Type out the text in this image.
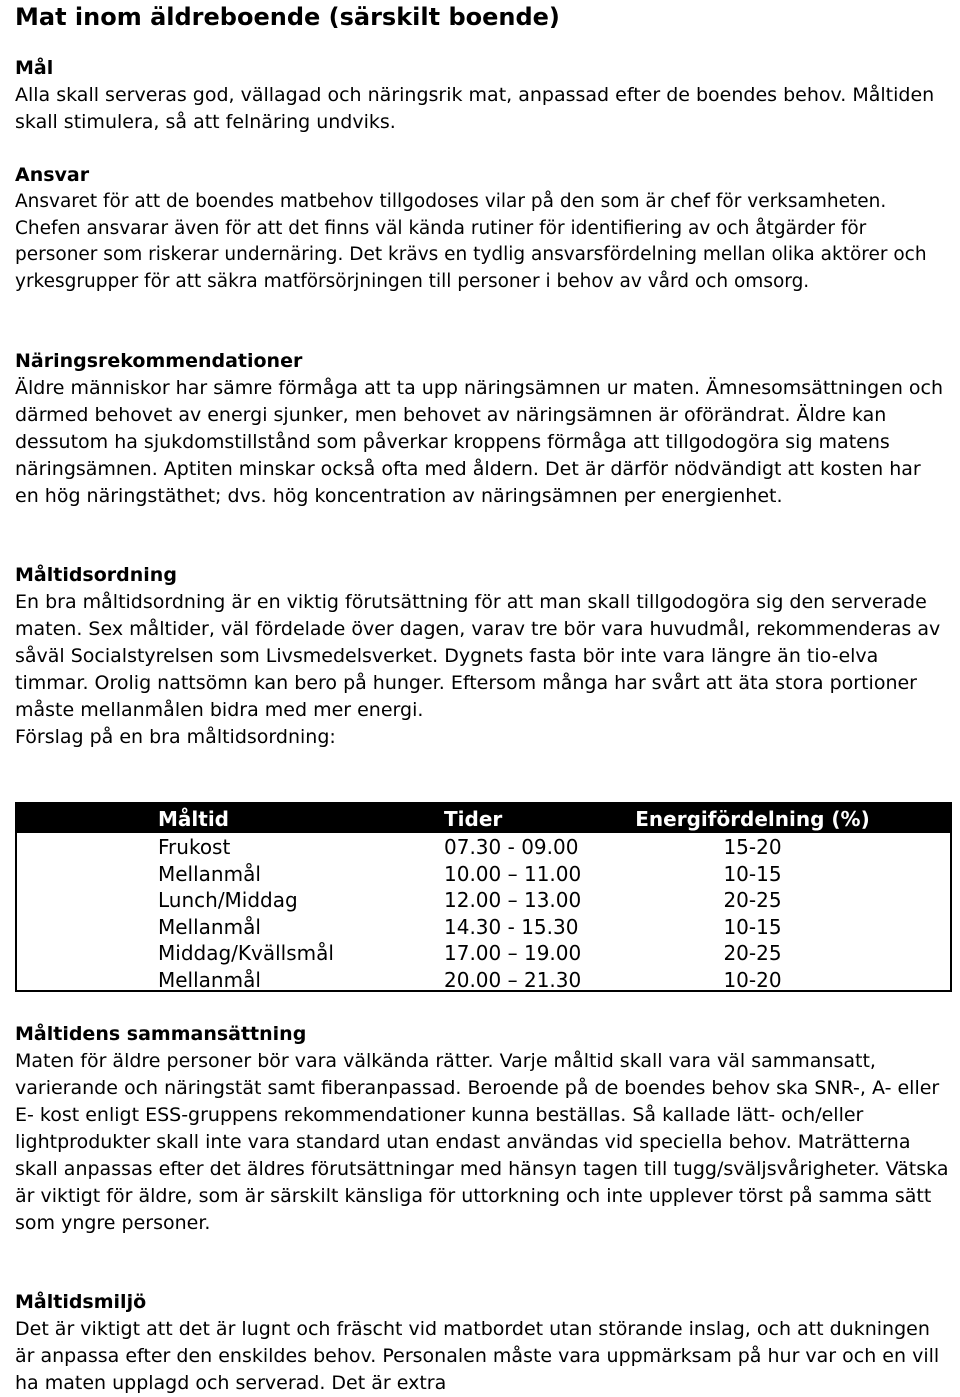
Mat inom äldreboende (särskilt boende)
Mål
Alla skall serveras god, vällagad och näringsrik mat, anpassad efter de boendes behov. Måltiden skall stimulera, så att felnäring undviks.
Ansvar
Ansvaret för att de boendes matbehov tillgodoses vilar på den som är chef för verksamheten. Chefen ansvarar även för att det finns väl kända rutiner för identifiering av och åtgärder för personer som riskerar undernäring. Det krävs en tydlig ansvarsfördelning mellan olika aktörer och yrkesgrupper för att säkra matförsörjningen till personer i behov av vård och omsorg.
Näringsrekommendationer
Äldre människor har sämre förmåga att ta upp näringsämnen ur maten. Ämnesomsättningen och därmed behovet av energi sjunker, men behovet av näringsämnen är oförändrat. Äldre kan dessutom ha sjukdomstillstånd som påverkar kroppens förmåga att tillgodogöra sig matens näringsämnen. Aptiten minskar också ofta med åldern. Det är därför nödvändigt att kosten har en hög näringstäthet; dvs. hög koncentration av näringsämnen per energienhet.
Måltidsordning
En bra måltidsordning är en viktig förutsättning för att man skall tillgodogöra sig den serverade maten. Sex måltider, väl fördelade över dagen, varav tre bör vara huvudmål, rekommenderas av såväl Socialstyrelsen som Livsmedelsverket. Dygnets fasta bör inte vara längre än tio-elva timmar. Orolig nattsömn kan bero på hunger. Eftersom många har svårt att äta stora portioner måste mellanmålen bidra med mer energi.
Förslag på en bra måltidsordning:
Måltid	Tider	Energifördelning (%)
Frukost	07.30 - 09.00	15-20
Mellanmål	10.00 – 11.00	10-15
Lunch/Middag	12.00 – 13.00	20-25
Mellanmål	14.30 - 15.30	10-15
Middag/Kvällsmål	17.00 – 19.00	20-25
Mellanmål	20.00 – 21.30	10-20
Måltidens sammansättning
Maten för äldre personer bör vara välkända rätter. Varje måltid skall vara väl sammansatt, varierande och näringstät samt fiberanpassad. Beroende på de boendes behov ska SNR-, A- eller E- kost enligt ESS-gruppens rekommendationer kunna beställas. Så kallade lätt- och/eller lightprodukter skall inte vara standard utan endast användas vid speciella behov. Maträtterna skall anpassas efter det äldres förutsättningar med hänsyn tagen till tugg/sväljsvårigheter. Vätska är viktigt för äldre, som är särskilt känsliga för uttorkning och inte upplever törst på samma sätt som yngre personer.
Måltidsmiljö
Det är viktigt att det är lugnt och fräscht vid matbordet utan störande inslag, och att dukningen är anpassa efter den enskildes behov. Personalen måste vara uppmärksam på hur var och en vill ha maten upplagd och serverad. Det är extra
